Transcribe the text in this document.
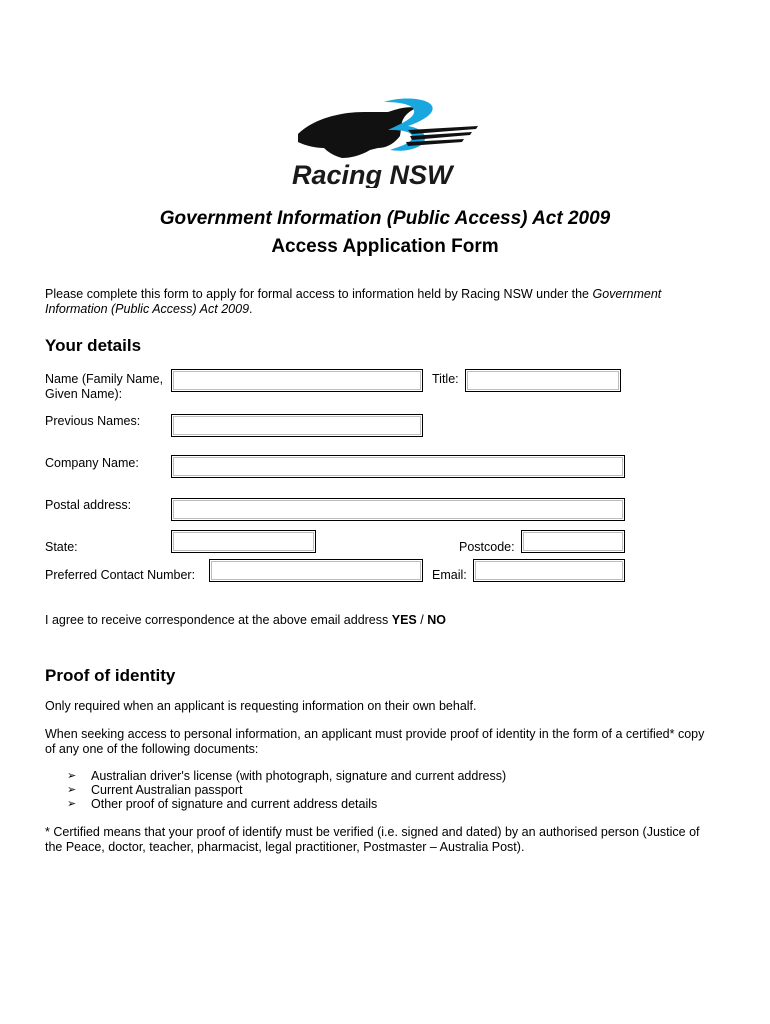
Racing NSW
Government Information (Public Access) Act 2009
Access Application Form
Please complete this form to apply for formal access to information held by Racing NSW under the Government Information (Public Access) Act 2009.
Your details
Name (Family Name,
Given Name):
Title:
Previous Names:
Company Name:
Postal address:
State:	Postcode:
Preferred Contact Number:	Email:
I agree to receive correspondence at the above email address YES / NO
Proof of identity
Only required when an applicant is requesting information on their own behalf.
When seeking access to personal information, an applicant must provide proof of identity in the form of a certified* copy of any one of the following documents:
➢ Australian driver's license (with photograph, signature and current address)
➢ Current Australian passport
➢ Other proof of signature and current address details
* Certified means that your proof of identify must be verified (i.e. signed and dated) by an authorised person (Justice of the Peace, doctor, teacher, pharmacist, legal practitioner, Postmaster – Australia Post).
